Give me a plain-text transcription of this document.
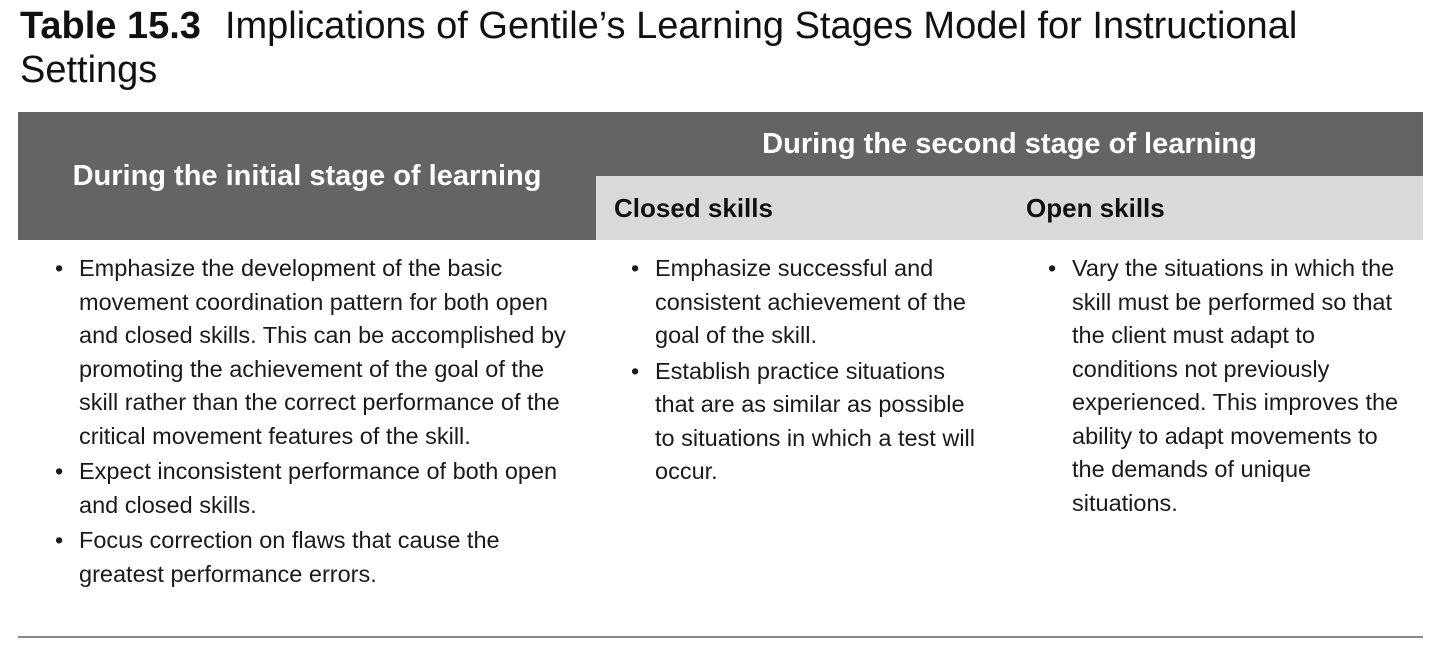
Table 15.3 Implications of Gentile’s Learning Stages Model for Instructional Settings
During the initial stage of learning
During the second stage of learning
Closed skills	Open skills
• Emphasize the development of the basic movement coordination pattern for both open and closed skills. This can be accomplished by promoting the achievement of the goal of the skill rather than the correct performance of the critical movement features of the skill.
• Expect inconsistent performance of both open and closed skills.
• Focus correction on flaws that cause the greatest performance errors.
• Emphasize successful and consistent achievement of the goal of the skill.
• Establish practice situations that are as similar as possible to situations in which a test will occur.
• Vary the situations in which the skill must be performed so that the client must adapt to conditions not previously experienced. This improves the ability to adapt movements to the demands of unique situations.
